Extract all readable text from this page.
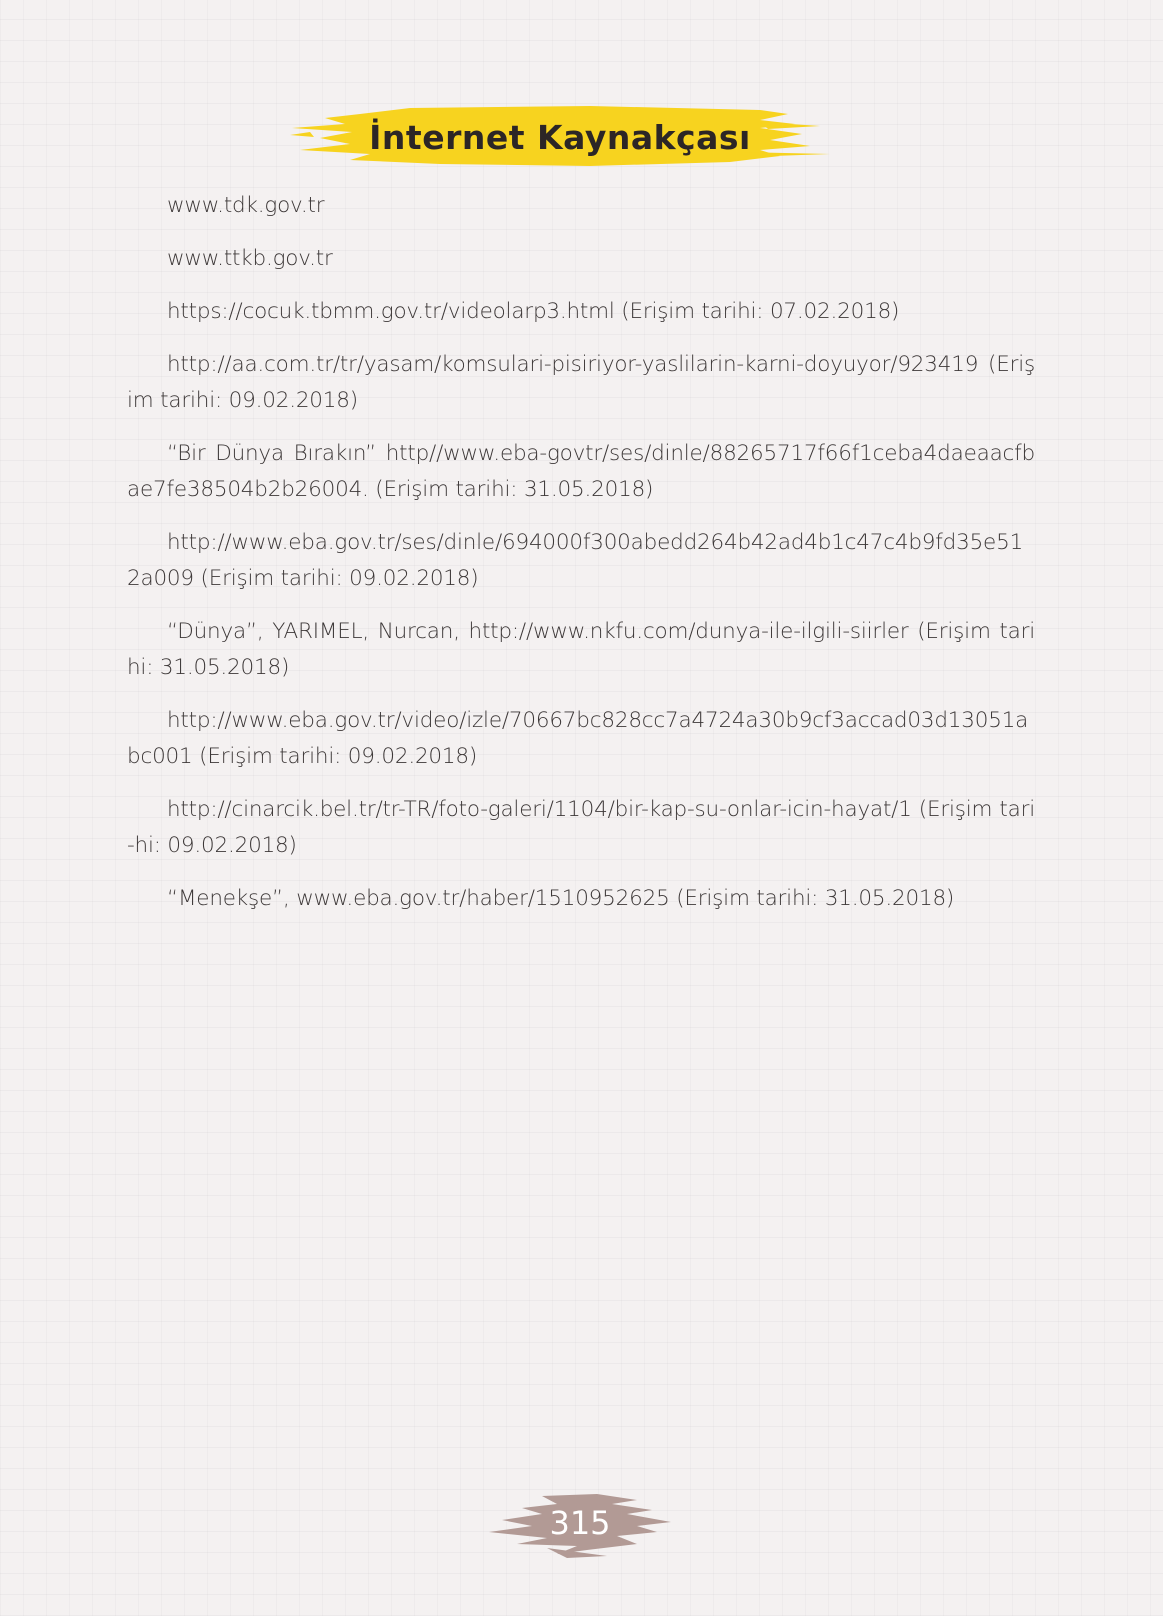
İnternet Kaynakçası

www.tdk.gov.tr

www.ttkb.gov.tr

https://cocuk.tbmm.gov.tr/videolarp3.html (Erişim tarihi: 07.02.2018)

http://aa.com.tr/tr/yasam/komsulari-pisiriyor-yaslilarin-karni-doyuyor/923419 (Erişim tarihi: 09.02.2018)

“Bir Dünya Bırakın” http//www.eba-govtr/ses/dinle/88265717f66f1ceba4daeaacfbae7fe38504b2b26004. (Erişim tarihi: 31.05.2018)

http://www.eba.gov.tr/ses/dinle/694000f300abedd264b42ad4b1c47c4b9fd35e512a009 (Erişim tarihi: 09.02.2018)

“Dünya”, YARIMEL, Nurcan, http://www.nkfu.com/dunya-ile-ilgili-siirler (Erişim tarihi: 31.05.2018)

http://www.eba.gov.tr/video/izle/70667bc828cc7a4724a30b9cf3accad03d13051abc001 (Erişim tarihi: 09.02.2018)

http://cinarcik.bel.tr/tr-TR/foto-galeri/1104/bir-kap-su-onlar-icin-hayat/1 (Erişim tari-hi: 09.02.2018)

“Menekşe”, www.eba.gov.tr/haber/1510952625 (Erişim tarihi: 31.05.2018)

315
